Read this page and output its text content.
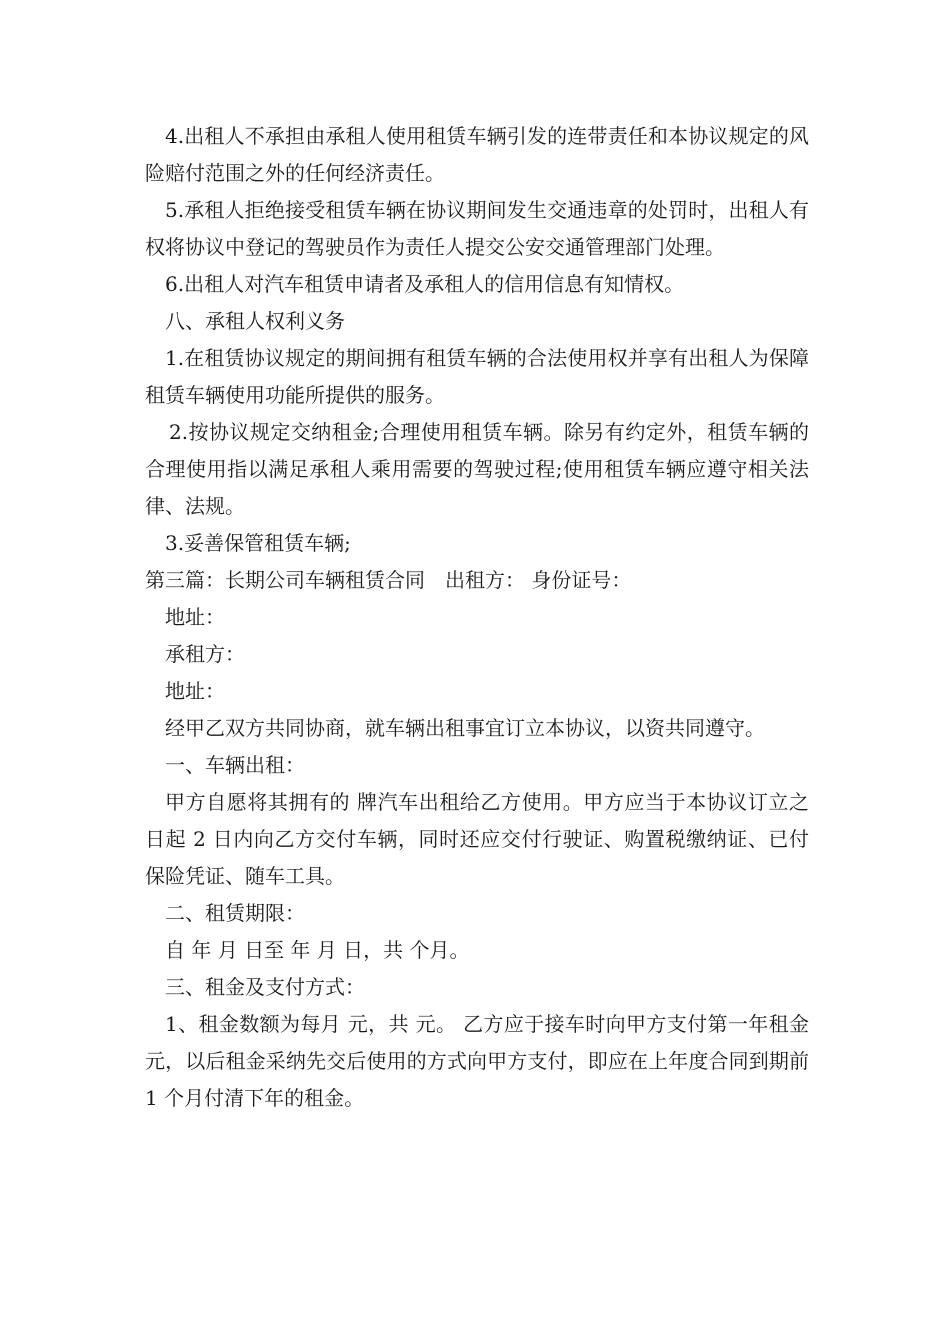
4.出租人不承担由承租人使用租赁车辆引发的连带责任和本协议规定的风险赔付范围之外的任何经济责任。

5.承租人拒绝接受租赁车辆在协议期间发生交通违章的处罚时，出租人有权将协议中登记的驾驶员作为责任人提交公安交通管理部门处理。

6.出租人对汽车租赁申请者及承租人的信用信息有知情权。

八、承租人权利义务

1.在租赁协议规定的期间拥有租赁车辆的合法使用权并享有出租人为保障租赁车辆使用功能所提供的服务。

2.按协议规定交纳租金;合理使用租赁车辆。除另有约定外，租赁车辆的合理使用指以满足承租人乘用需要的驾驶过程;使用租赁车辆应遵守相关法律、法规。

3.妥善保管租赁车辆;

第三篇：长期公司车辆租赁合同　出租方： 身份证号：

地址：

承租方：

地址：

经甲乙双方共同协商，就车辆出租事宜订立本协议，以资共同遵守。

一、车辆出租：

甲方自愿将其拥有的 牌汽车出租给乙方使用。甲方应当于本协议订立之日起 2 日内向乙方交付车辆，同时还应交付行驶证、购置税缴纳证、已付保险凭证、随车工具。

二、租赁期限：

自 年 月 日至 年 月 日，共 个月。

三、租金及支付方式：

1、租金数额为每月 元，共 元。 乙方应于接车时向甲方支付第一年租金元，以后租金采纳先交后使用的方式向甲方支付，即应在上年度合同到期前 1 个月付清下年的租金。
